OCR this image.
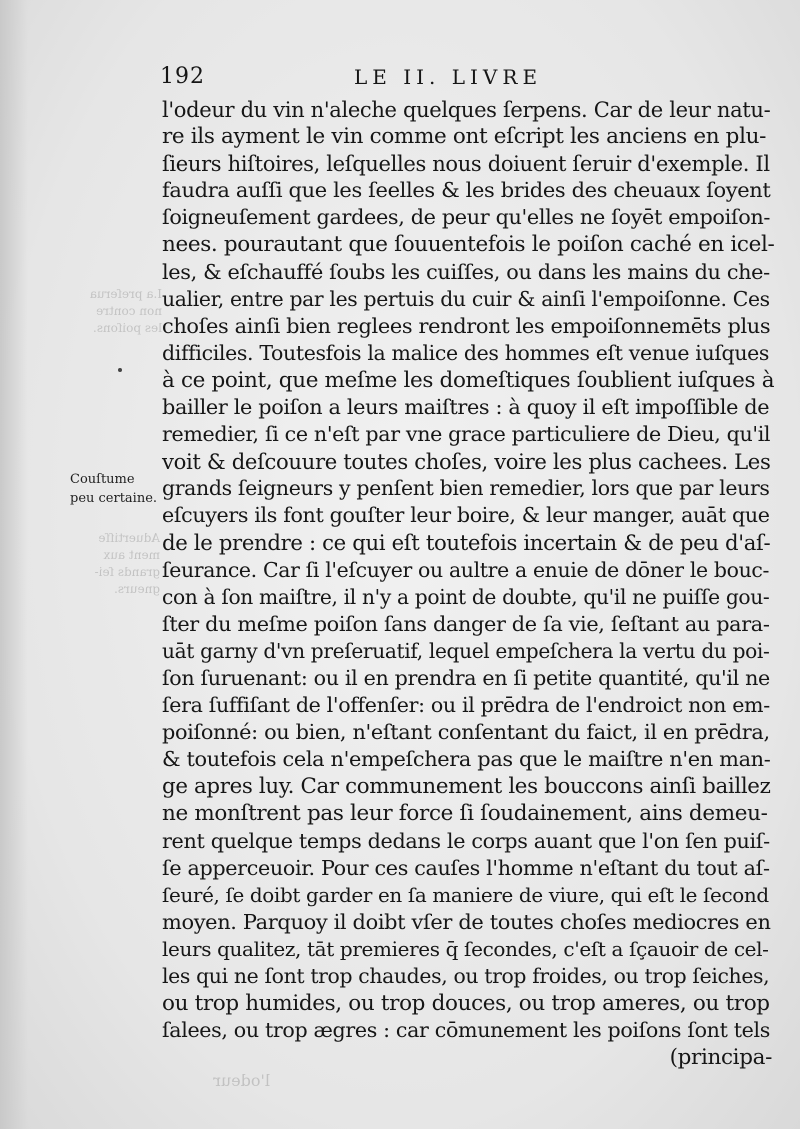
I.a preſerua
non contre
les poiſons.
Aduertiſſe
ment aux
grands ſei-
gneurs.
l'odeur
192	LE II. LIVRE
Couſtume
peu certaine.
l'odeur du vin n'aleche quelques ſerpens. Car de leur natu-
re ils ayment le vin comme ont eſcript les anciens en plu-
ſieurs hiſtoires, leſquelles nous doiuent ſeruir d'exemple. Il
faudra auſſi que les ſeelles & les brides des cheuaux ſoyent
ſoigneuſement gardees, de peur qu'elles ne ſoyēt empoiſon-
nees. pourautant que ſouuentefois le poiſon caché en icel-
les, & eſchauffé ſoubs les cuiſſes, ou dans les mains du che-
ualier, entre par les pertuis du cuir & ainſi l'empoiſonne. Ces
choſes ainſi bien reglees rendront les empoiſonnemēts plus
difficiles. Toutesfois la malice des hommes eſt venue iuſques
à ce point, que meſme les domeſtiques ſoublient iuſques à
bailler le poiſon a leurs maiſtres : à quoy il eſt impoſſible de
remedier, ſi ce n'eſt par vne grace particuliere de Dieu, qu'il
voit & deſcouure toutes choſes, voire les plus cachees. Les
grands ſeigneurs y penſent bien remedier, lors que par leurs
eſcuyers ils font gouſter leur boire, & leur manger, auāt que
de le prendre : ce qui eſt toutefois incertain & de peu d'aſ-
ſeurance. Car ſi l'eſcuyer ou aultre a enuie de dōner le bouc-
con à ſon maiſtre, il n'y a point de doubte, qu'il ne puiſſe gou-
ſter du meſme poiſon ſans danger de ſa vie, ſeſtant au para-
uāt garny d'vn preſeruatif, lequel empeſchera la vertu du poi-
ſon ſuruenant: ou il en prendra en ſi petite quantité, qu'il ne
ſera ſuffiſant de l'offenſer: ou il prēdra de l'endroict non em-
poiſonné: ou bien, n'eſtant conſentant du faict, il en prēdra,
& toutefois cela n'empeſchera pas que le maiſtre n'en man-
ge apres luy. Car communement les bouccons ainſi baillez
ne monſtrent pas leur force ſi ſoudainement, ains demeu-
rent quelque temps dedans le corps auant que l'on ſen puiſ-
ſe apperceuoir. Pour ces cauſes l'homme n'eſtant du tout aſ-
ſeuré, ſe doibt garder en ſa maniere de viure, qui eſt le ſecond
moyen. Parquoy il doibt vſer de toutes choſes mediocres en
leurs qualitez, tāt premieres q̄ ſecondes, c'eſt a ſçauoir de cel-
les qui ne ſont trop chaudes, ou trop froides, ou trop ſeiches,
ou trop humides, ou trop douces, ou trop ameres, ou trop
ſalees, ou trop ægres : car cōmunement les poiſons ſont tels
(principa-
